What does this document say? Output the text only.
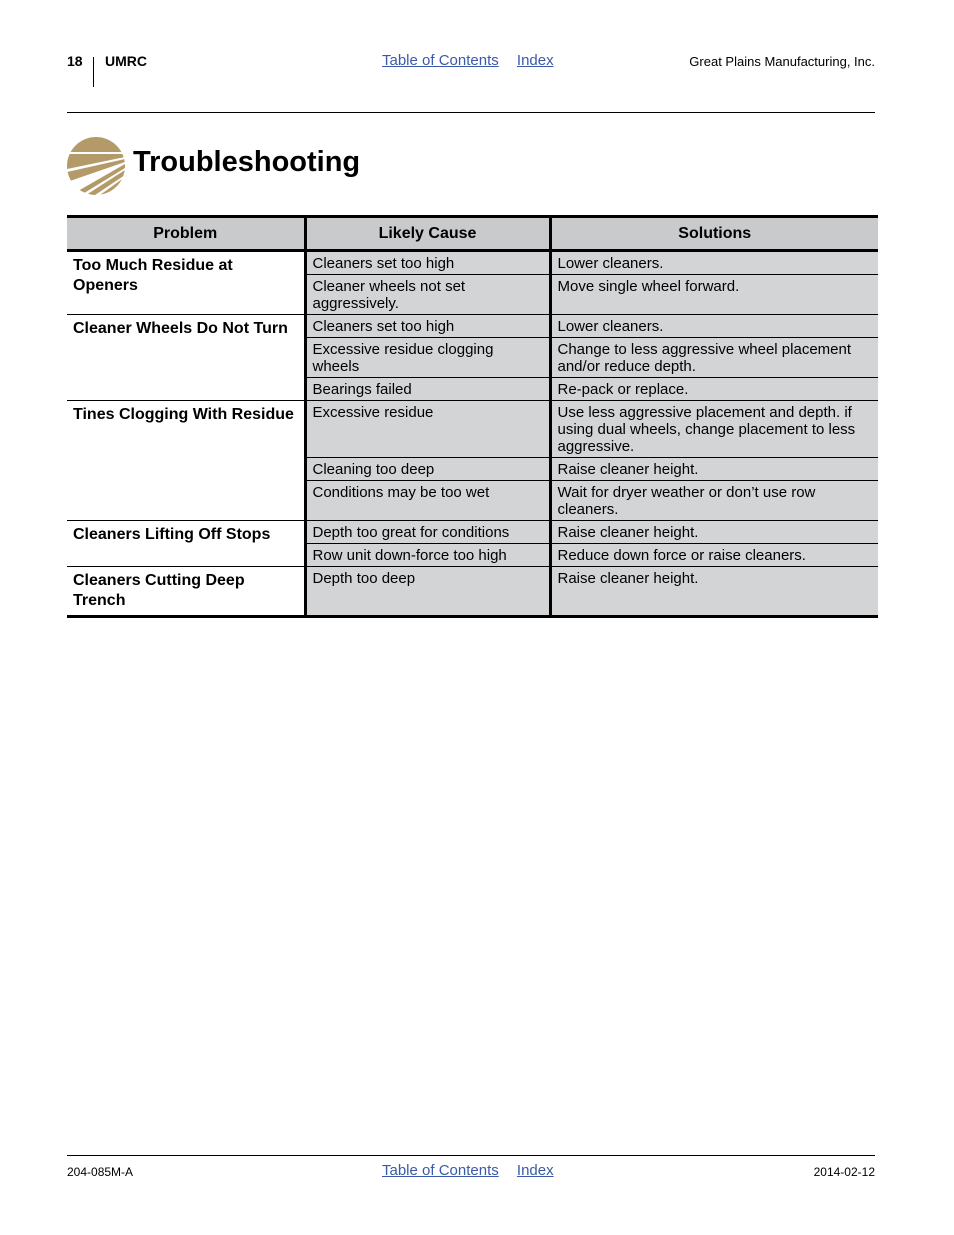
18 UMRC	Table of Contents Index	Great Plains Manufacturing, Inc.
Troubleshooting
Problem	Likely Cause	Solutions
Too Much Residue at Openers	Cleaners set too high	Lower cleaners.
	Cleaner wheels not set aggressively.	Move single wheel forward.
Cleaner Wheels Do Not Turn	Cleaners set too high	Lower cleaners.
	Excessive residue clogging wheels	Change to less aggressive wheel placement and/or reduce depth.
	Bearings failed	Re-pack or replace.
Tines Clogging With Residue	Excessive residue	Use less aggressive placement and depth. if using dual wheels, change placement to less aggressive.
	Cleaning too deep	Raise cleaner height.
	Conditions may be too wet	Wait for dryer weather or don’t use row cleaners.
Cleaners Lifting Off Stops	Depth too great for conditions	Raise cleaner height.
	Row unit down-force too high	Reduce down force or raise cleaners.
Cleaners Cutting Deep Trench	Depth too deep	Raise cleaner height.
204-085M-A	Table of Contents Index	2014-02-12
